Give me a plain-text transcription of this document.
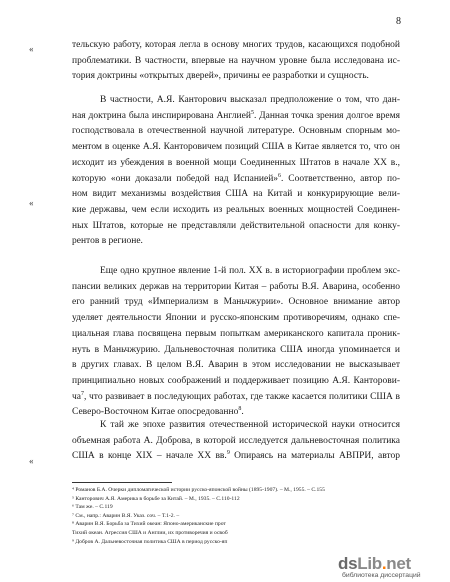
8
«
«
«
тельскую работу, которая легла в основу многих трудов, касающихся подобной
проблематики. В частности, впервые на научном уровне была исследована ис-
тория доктрины «открытых дверей», причины ее разработки и сущность.
В частности, А.Я. Канторович высказал предположение о том, что дан-
ная доктрина была инспирирована Англией$^5$. Данная точка зрения долгое время
господствовала в отечественной научной литературе. Основным спорным мо-
ментом в оценке А.Я. Канторовичем позиций США в Китае является то, что он
исходит из убеждения в военной мощи Соединенных Штатов в начале XX в.,
которую «они доказали победой над Испанией»$^6$. Соответственно, автор по-
ном видит механизмы воздействия США на Китай и конкурирующие вели-
кие державы, чем если исходить из реальных военных мощностей Соединен-
ных Штатов, которые не представляли действительной опасности для конку-
рентов в регионе.
Еще одно крупное явление 1-й пол. XX в. в историографии проблем экс-
пансии великих держав на территории Китая – работы В.Я. Аварина, особенно
его ранний труд «Империализм в Маньчжурии». Основное внимание автор
уделяет деятельности Японии и русско-японским противоречиям, однако спе-
циальная глава посвящена первым попыткам американского капитала проник-
нуть в Маньчжурию. Дальневосточная политика США иногда упоминается и
в других главах. В целом В.Я. Аварин в этом исследовании не высказывает
принципиально новых соображений и поддерживает позицию А.Я. Канторови-
$ча^7$, что развивает в последующих работах, где также касается политики США в
Северо-Восточном Китае опосредованно$^8$.
К тай же эпохе развития отечественной исторической науки относится
объемная работа А. Доброва, в которой исследуется дальневосточная политика
США в конце XIX – начале XX вв.$^9$ Опираясь на материалы АВПРИ, автор
⁴ Романов Б.А. Очерки дипломатической истории русско-японской войны (1895-1907). – М., 1955. – С.155
⁵ Канторович А.Я. Америка в борьбе за Китай. – М., 1935. – С.110-112
⁶ Там же. – С.119
⁷ См., напр.: Аварин В.Я. Указ. соч. – Т.1-2. –
⁸ Аварин В.Я. Борьба за Тихий океан: Японо-американские прот
Тихий океан. Агрессия США и Англии, их противоречия и освоб
⁹ Добров А. Дальневосточная политика США в период русско-яп
dsLib.net
библиотека диссертаций
